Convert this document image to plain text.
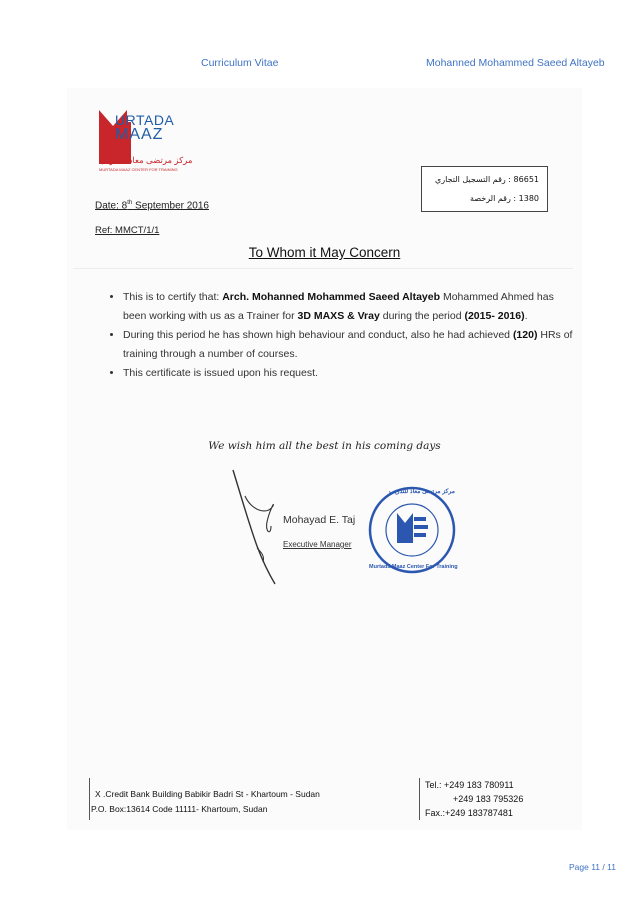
Curriculum Vitae	Mohanned Mohammed Saeed Altayeb
URTADA
MAAZ
مركز مرتضى معاذ للتدريب
MURTADA MAAZ CENTER FOR TRAINING
86651 : رقم التسجيل التجاري
1380 : رقم الرخصة
Date: 8th September 2016
Ref: MMCT/1/1
To Whom it May Concern
• This is to certify that: Arch. Mohanned Mohammed Saeed Altayeb Mohammed Ahmed has been working with us as a Trainer for 3D MAXS & Vray during the period (2015- 2016).
• During this period he has shown high behaviour and conduct, also he had achieved (120) HRs of training through a number of courses.
• This certificate is issued upon his request.
We wish him all the best in his coming days
Mohayad E. Taj
Executive Manager
مركز مرتضى معاذ للتدريب
Murtada Maaz Center For Training
X .Credit Bank Building Babikir Badri St - Khartoum - Sudan
P.O. Box:13614 Code 11111- Khartoum, Sudan
Tel.: +249 183 780911
+249 183 795326
Fax.:+249 183787481
Page 11 / 11
